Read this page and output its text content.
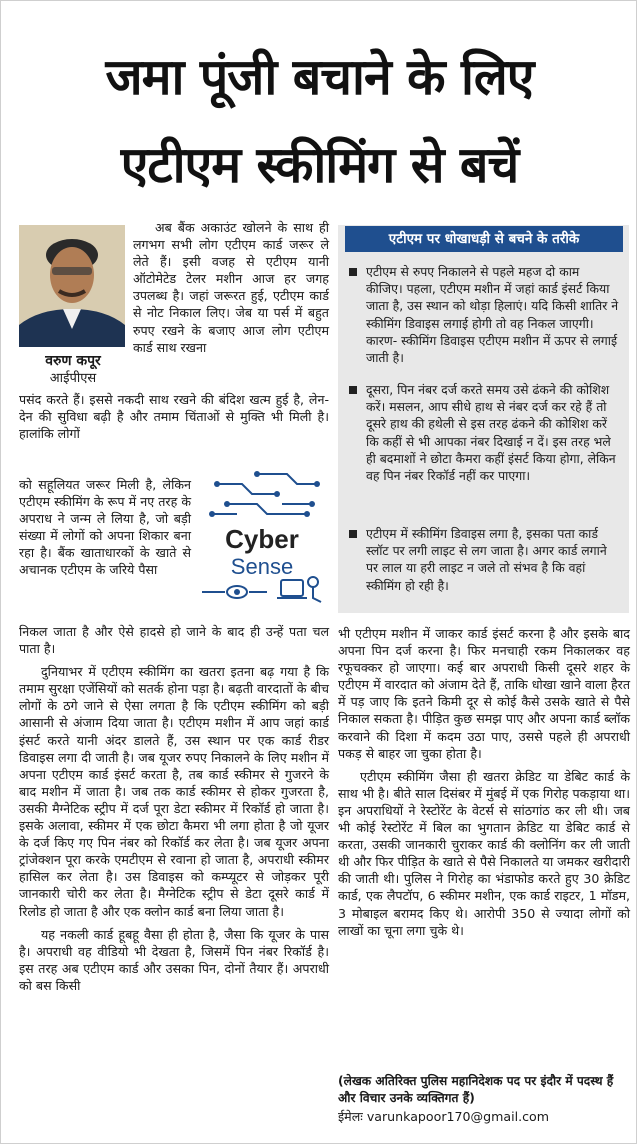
जमा पूंजी बचाने के लिए
एटीएम स्कीमिंग से बचें
वरुण कपूर
आईपीएस

अब बैंक अकाउंट खोलने के साथ ही लगभग सभी लोग एटीएम कार्ड जरूर ले लेते हैं। इसी वजह से एटीएम यानी ऑटोमेटेड टेलर मशीन आज हर जगह उपलब्ध है। जहां जरूरत हुई, एटीएम कार्ड से नोट निकाल लिए। जेब या पर्स में बहुत रुपए रखने के बजाए आज लोग एटीएम कार्ड साथ रखना

पसंद करते हैं। इससे नकदी साथ रखने की बंदिश खत्म हुई है, लेन-देन की सुविधा बढ़ी है और तमाम चिंताओं से मुक्ति भी मिली है। हालांकि लोगों

को सहूलियत जरूर मिली है, लेकिन एटीएम स्कीमिंग के रूप में नए तरह के अपराध ने जन्म ले लिया है, जो बड़ी संख्या में लोगों को अपना शिकार बना रहा है। बैंक खाताधारकों के खाते से अचानक एटीएम के जरिये पैसा

निकल जाता है और ऐसे हादसे हो जाने के बाद ही उन्हें पता चल पाता है।

दुनियाभर में एटीएम स्कीमिंग का खतरा इतना बढ़ गया है कि तमाम सुरक्षा एजेंसियों को सतर्क होना पड़ा है। बढ़ती वारदातों के बीच लोगों के ठगे जाने से ऐसा लगता है कि एटीएम स्कीमिंग को बड़ी आसानी से अंजाम दिया जाता है। एटीएम मशीन में आप जहां कार्ड इंसर्ट करते यानी अंदर डालते हैं, उस स्थान पर एक कार्ड रीडर डिवाइस लगा दी जाती है। जब यूजर रुपए निकालने के लिए मशीन में अपना एटीएम कार्ड इंसर्ट करता है, तब कार्ड स्कीमर से गुजरने के बाद मशीन में जाता है। जब तक कार्ड स्कीमर से होकर गुजरता है, उसकी मैग्नेटिक स्ट्रीप में दर्ज पूरा डेटा स्कीमर में रिकॉर्ड हो जाता है। इसके अलावा, स्कीमर में एक छोटा कैमरा भी लगा होता है जो यूजर के दर्ज किए गए पिन नंबर को रिकॉर्ड कर लेता है। जब यूजर अपना ट्रांजेक्शन पूरा करके एमटीएम से रवाना हो जाता है, अपराधी स्कीमर हासिल कर लेता है। उस डिवाइस को कम्प्यूटर से जोड़कर पूरी जानकारी चोरी कर लेता है। मैग्नेटिक स्ट्रीप से डेटा दूसरे कार्ड में रिलोड हो जाता है और एक क्लोन कार्ड बना लिया जाता है।

यह नकली कार्ड हूबहू वैसा ही होता है, जैसा कि यूजर के पास है। अपराधी वह वीडियो भी देखता है, जिसमें पिन नंबर रिकॉर्ड है। इस तरह अब एटीएम कार्ड और उसका पिन, दोनों तैयार हैं। अपराधी को बस किसी

Cyber
Sense
एटीएम पर धोखाधड़ी से बचने के तरीके

एटीएम से रुपए निकालने से पहले महज दो काम कीजिए। पहला, एटीएम मशीन में जहां कार्ड इंसर्ट किया जाता है, उस स्थान को थोड़ा हिलाएं। यदि किसी शातिर ने स्कीमिंग डिवाइस लगाई होगी तो वह निकल जाएगी। कारण- स्कीमिंग डिवाइस एटीएम मशीन में ऊपर से लगाई जाती है।

दूसरा, पिन नंबर दर्ज करते समय उसे ढंकने की कोशिश करें। मसलन, आप सीधे हाथ से नंबर दर्ज कर रहे हैं तो दूसरे हाथ की हथेली से इस तरह ढंकने की कोशिश करें कि कहीं से भी आपका नंबर दिखाई न दें। इस तरह भले ही बदमाशों ने छोटा कैमरा कहीं इंसर्ट किया होगा, लेकिन वह पिन नंबर रिकॉर्ड नहीं कर पाएगा।

एटीएम में स्कीमिंग डिवाइस लगा है, इसका पता कार्ड स्लॉट पर लगी लाइट से लग जाता है। अगर कार्ड लगाने पर लाल या हरी लाइट न जले तो संभव है कि वहां स्कीमिंग हो रही है।

भी एटीएम मशीन में जाकर कार्ड इंसर्ट करना है और इसके बाद अपना पिन दर्ज करना है। फिर मनचाही रकम निकालकर वह रफूचक्कर हो जाएगा। कई बार अपराधी किसी दूसरे शहर के एटीएम में वारदात को अंजाम देते हैं, ताकि धोखा खाने वाला हैरत में पड़ जाए कि इतने किमी दूर से कोई कैसे उसके खाते से पैसे निकाल सकता है। पीड़ित कुछ समझ पाए और अपना कार्ड ब्लॉक करवाने की दिशा में कदम उठा पाए, उससे पहले ही अपराधी पकड़ से बाहर जा चुका होता है।

एटीएम स्कीमिंग जैसा ही खतरा क्रेडिट या डेबिट कार्ड के साथ भी है। बीते साल दिसंबर में मुंबई में एक गिरोह पकड़ाया था। इन अपराधियों ने रेस्टोरेंट के वेटर्स से सांठगांठ कर ली थी। जब भी कोई रेस्टोरेंट में बिल का भुगतान क्रेडिट या डेबिट कार्ड से करता, उसकी जानकारी चुराकर कार्ड की क्लोनिंग कर ली जाती थी और फिर पीड़ित के खाते से पैसे निकालते या जमकर खरीदारी की जाती थी। पुलिस ने गिरोह का भंडाफोड करते हुए 30 क्रेडिट कार्ड, एक लैपटॉप, 6 स्कीमर मशीन, एक कार्ड राइटर, 1 मॉडम, 3 मोबाइल बरामद किए थे। आरोपी 350 से ज्यादा लोगों को लाखों का चूना लगा चुके थे।

(लेखक अतिरिक्त पुलिस महानिदेशक पद पर इंदौर में पदस्थ हैं और विचार उनके व्यक्तिगत हैं)
ईमेलः varunkapoor170@gmail.com
